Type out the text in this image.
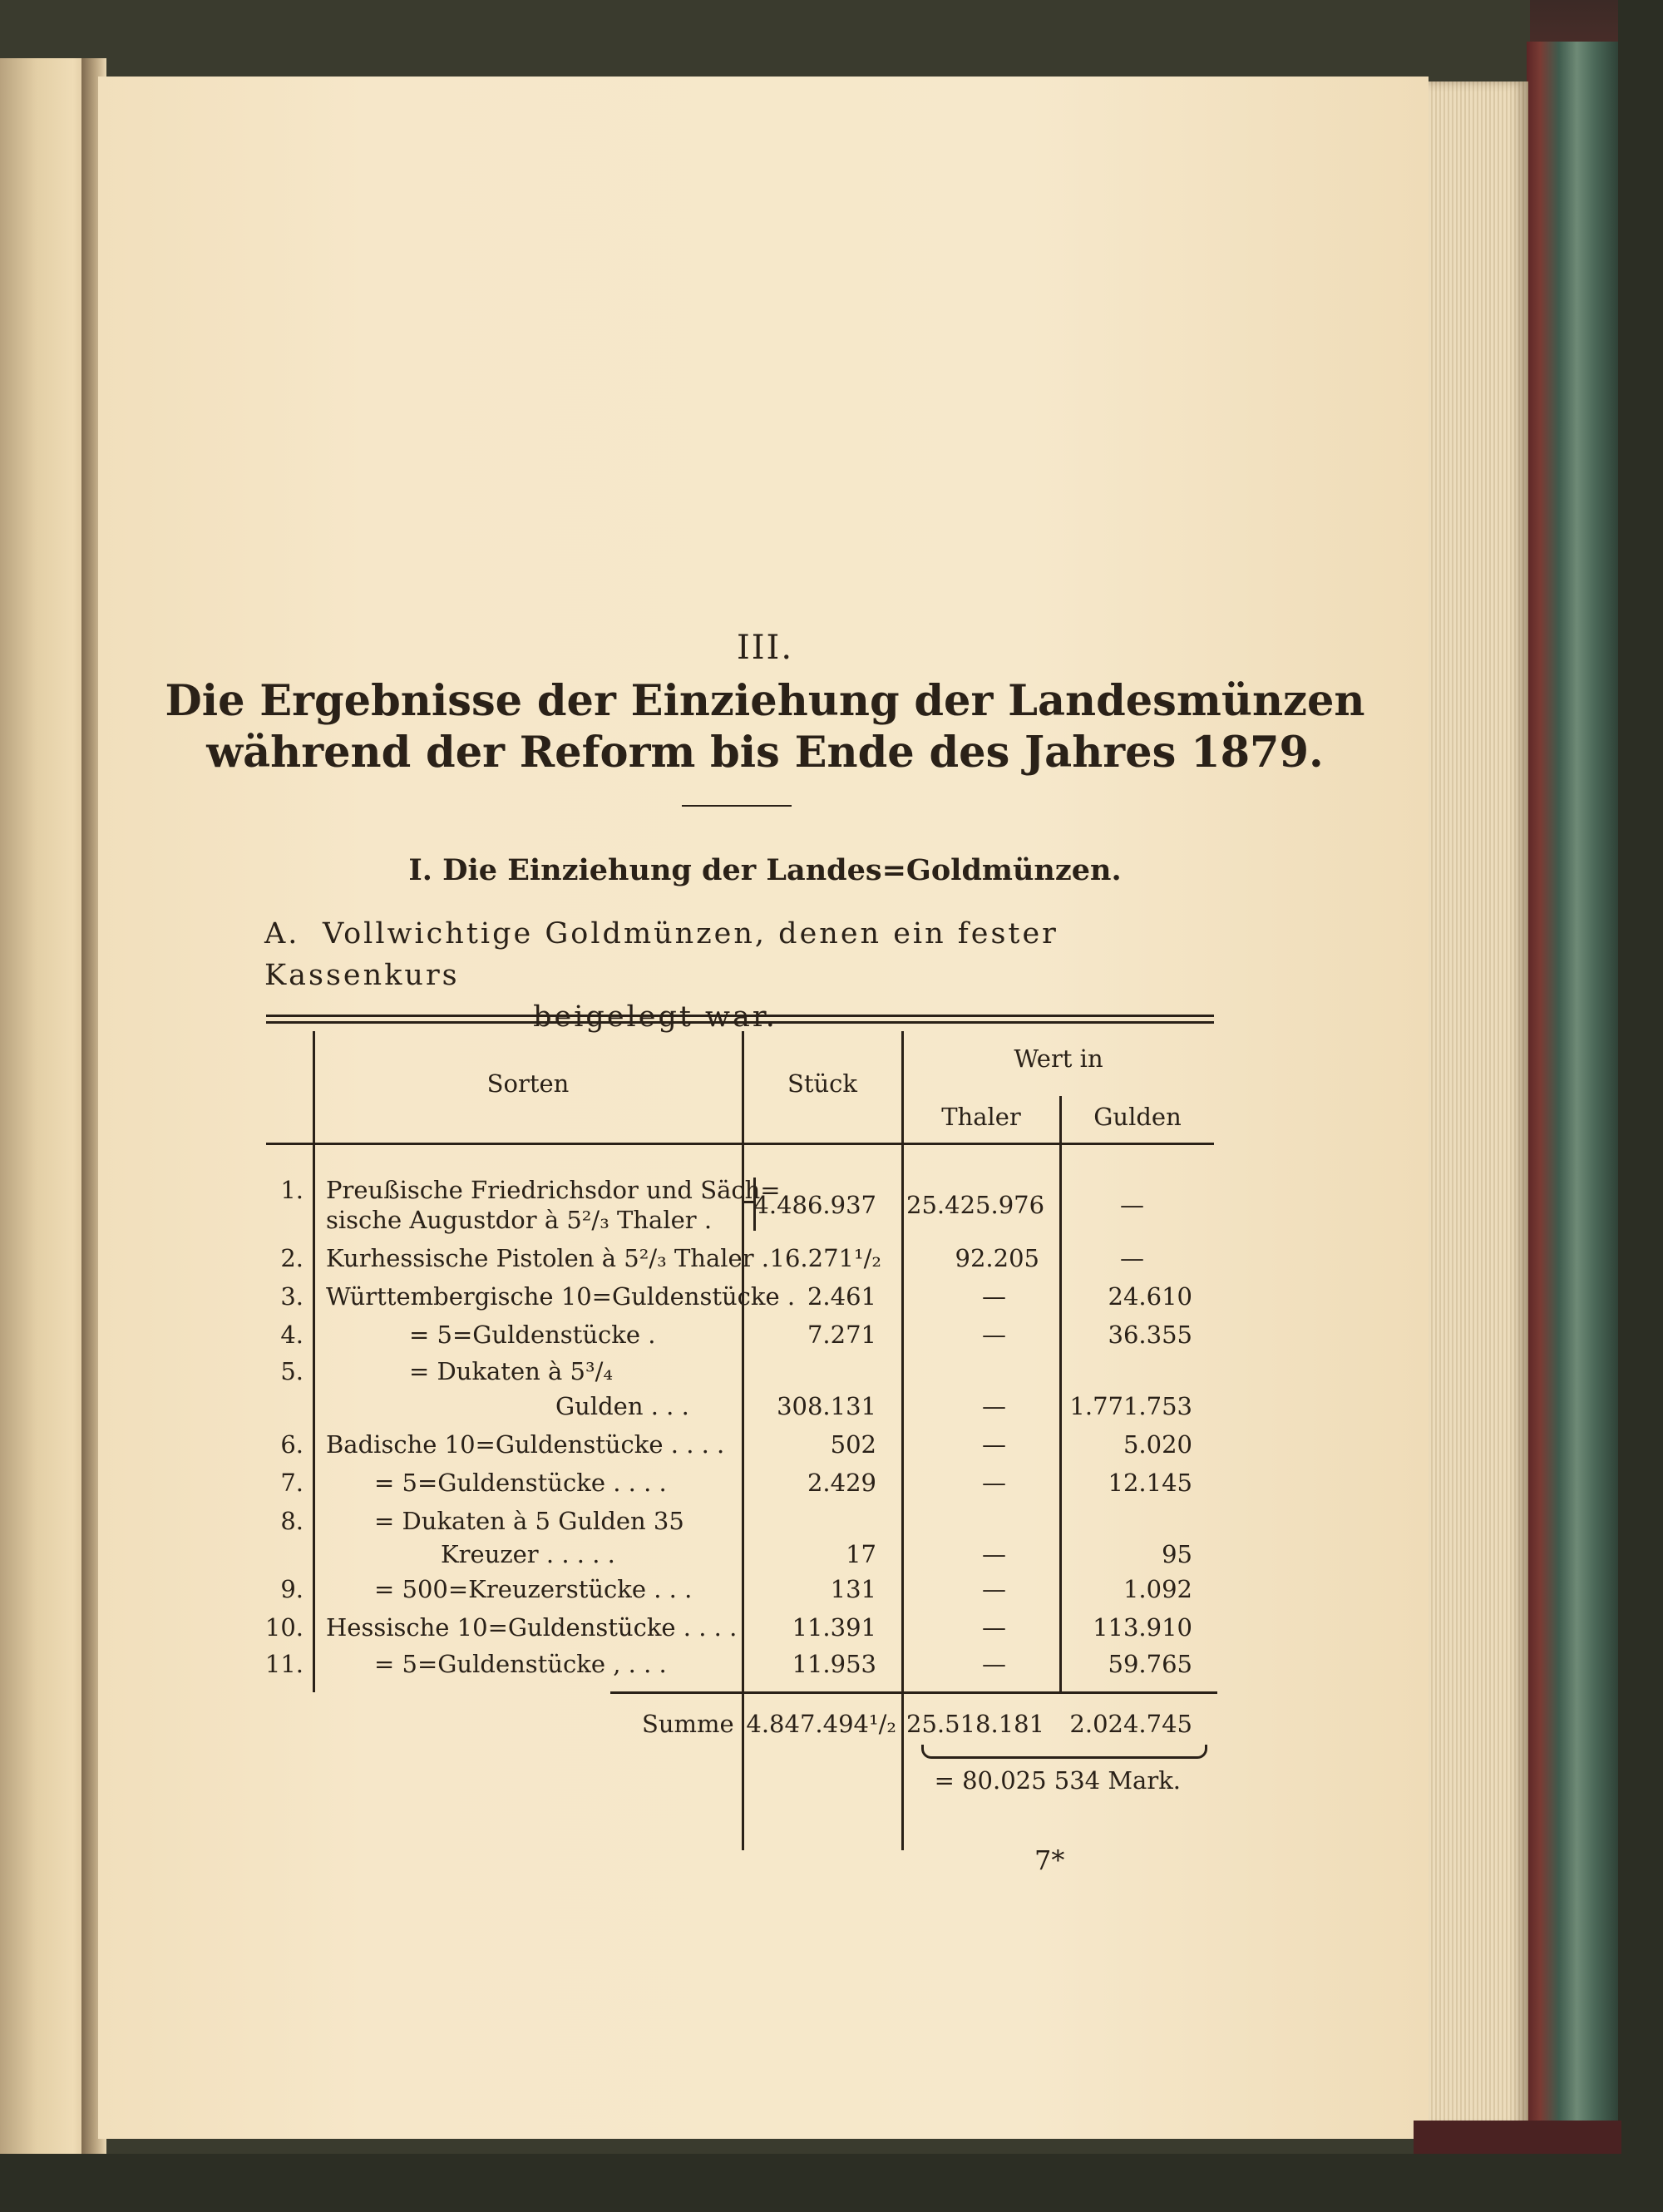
III.
Die Ergebnisse der Einziehung der Landesmünzen
während der Reform bis Ende des Jahres 1879.
I. Die Einziehung der Landes=Goldmünzen.
A. Vollwichtige Goldmünzen, denen ein fester Kassenkurs
beigelegt war.
Sorten	Stück
Wert in
Thaler	Gulden
1. Preußische Friedrichsdor und Säch=
sische Augustdor à 5²/₃ Thaler .
4.486.937 25.425.976	—
2. Kurhessische Pistolen à 5²/₃ Thaler . 16.271¹/₂	92.205	—
3. Württembergische 10=Guldenstücke . 2.461	—	24.610
4.	= 5=Guldenstücke .	7.271	—	36.355
5.	= Dukaten à 5³/₄
Gulden . . .	308.131	—	1.771.753
6. Badische 10=Guldenstücke . . . .	502	—	5.020
7.	= 5=Guldenstücke . . . .	2.429	—	12.145
8.	= Dukaten à 5 Gulden 35
Kreuzer . . . . .	17	—	95
9.	= 500=Kreuzerstücke . . .	131	—	1.092
10. Hessische 10=Guldenstücke . . . .	11.391	—	113.910
11.	= 5=Guldenstücke , . . .	11.953	—	59.765
Summe 4.847.494¹/₂ 25.518.181 2.024.745
= 80.025 534 Mark.
7*
